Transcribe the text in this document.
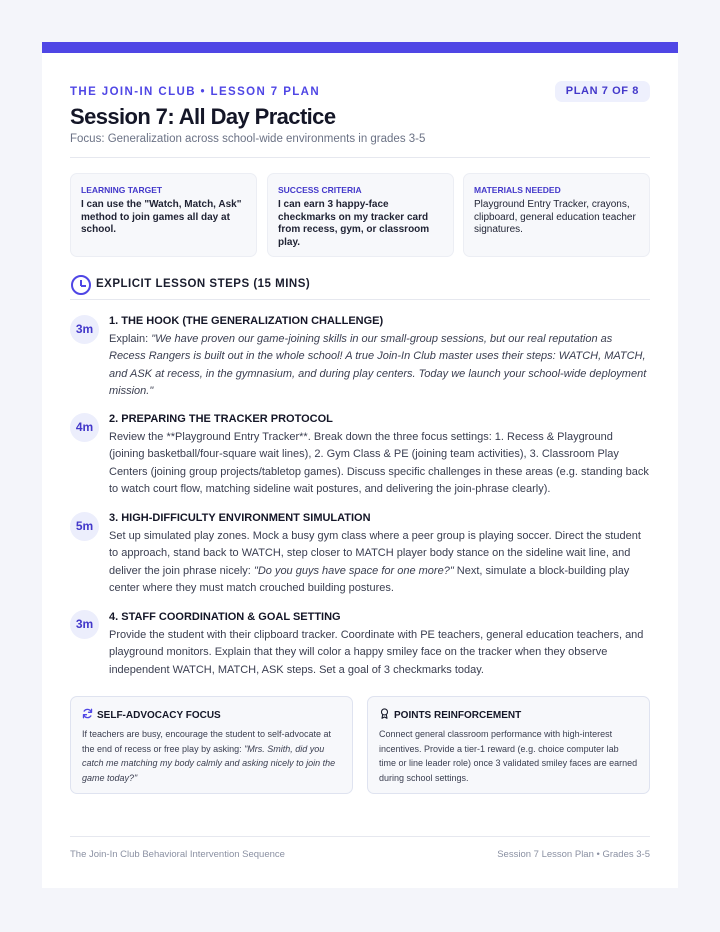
THE JOIN-IN CLUB • LESSON 7 PLAN	PLAN 7 OF 8
Session 7: All Day Practice
Focus: Generalization across school-wide environments in grades 3-5
LEARNING TARGET
I can use the "Watch, Match, Ask" method to join games all day at school.
SUCCESS CRITERIA
I can earn 3 happy-face checkmarks on my tracker card from recess, gym, or classroom play.
MATERIALS NEEDED
Playground Entry Tracker, crayons, clipboard, general education teacher signatures.
EXPLICIT LESSON STEPS (15 MINS)
3m
1. THE HOOK (THE GENERALIZATION CHALLENGE)
Explain: "We have proven our game-joining skills in our small-group sessions, but our real reputation as Recess Rangers is built out in the whole school! A true Join-In Club master uses their steps: WATCH, MATCH, and ASK at recess, in the gymnasium, and during play centers. Today we launch your school-wide deployment mission."
4m
2. PREPARING THE TRACKER PROTOCOL
Review the **Playground Entry Tracker**. Break down the three focus settings: 1. Recess & Playground (joining basketball/four-square wait lines), 2. Gym Class & PE (joining team activities), 3. Classroom Play Centers (joining group projects/tabletop games). Discuss specific challenges in these areas (e.g. standing back to watch court flow, matching sideline wait postures, and delivering the join-phrase clearly).
5m
3. HIGH-DIFFICULTY ENVIRONMENT SIMULATION
Set up simulated play zones. Mock a busy gym class where a peer group is playing soccer. Direct the student to approach, stand back to WATCH, step closer to MATCH player body stance on the sideline wait line, and deliver the join phrase nicely: "Do you guys have space for one more?" Next, simulate a block-building play center where they must match crouched building postures.
3m	4. STAFF COORDINATION & GOAL SETTING
Provide the student with their clipboard tracker. Coordinate with PE teachers, general education teachers, and playground monitors. Explain that they will color a happy smiley face on the tracker when they observe independent WATCH, MATCH, ASK steps. Set a goal of 3 checkmarks today.
SELF-ADVOCACY FOCUS
If teachers are busy, encourage the student to self-advocate at the end of recess or free play by asking: "Mrs. Smith, did you catch me matching my body calmly and asking nicely to join the game today?"
POINTS REINFORCEMENT
Connect general classroom performance with high-interest incentives. Provide a tier-1 reward (e.g. choice computer lab time or line leader role) once 3 validated smiley faces are earned during school settings.
The Join-In Club Behavioral Intervention Sequence	Session 7 Lesson Plan • Grades 3-5
